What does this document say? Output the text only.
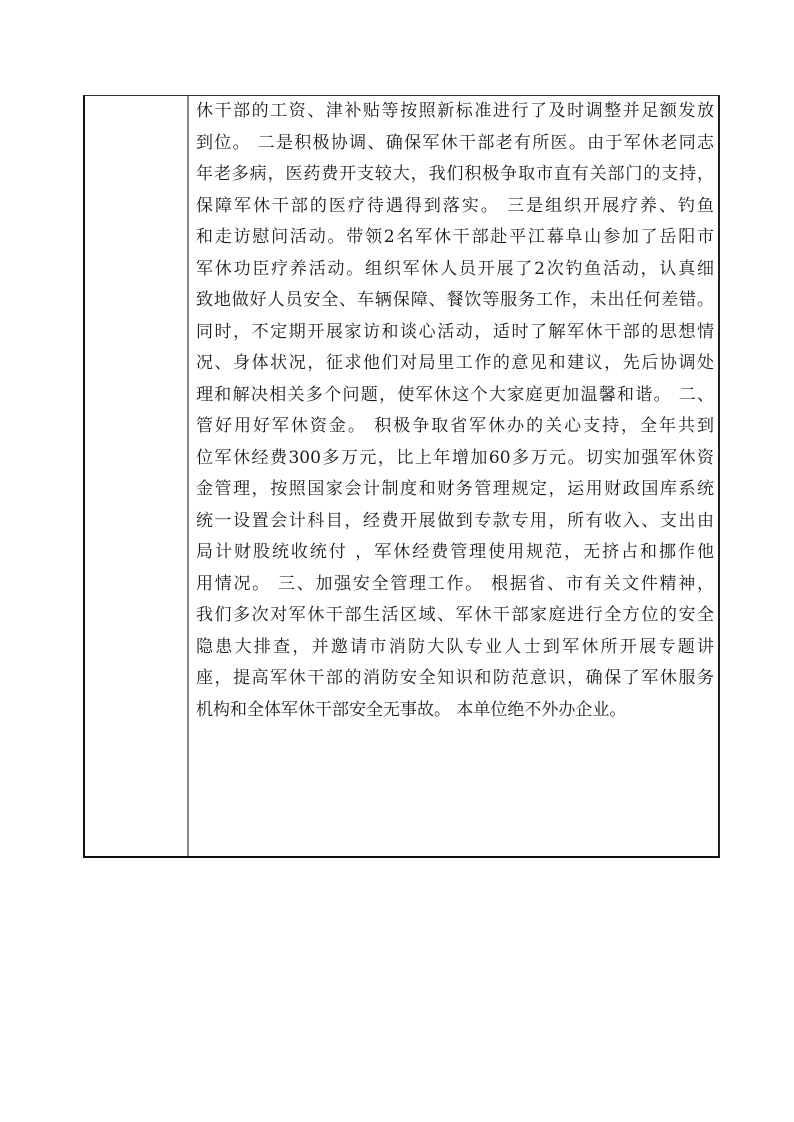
休干部的工资、津补贴等按照新标准进行了及时调整并足额发放
到位。 二是积极协调、确保军休干部老有所医。由于军休老同志
年老多病，医药费开支较大，我们积极争取市直有关部门的支持，
保障军休干部的医疗待遇得到落实。 三是组织开展疗养、钓鱼
和走访慰问活动。带领2名军休干部赴平江幕阜山参加了岳阳市
军休功臣疗养活动。组织军休人员开展了2次钓鱼活动，认真细
致地做好人员安全、车辆保障、餐饮等服务工作，未出任何差错。
同时，不定期开展家访和谈心活动，适时了解军休干部的思想情
况、身体状况，征求他们对局里工作的意见和建议，先后协调处
理和解决相关多个问题，使军休这个大家庭更加温馨和谐。 二、
管好用好军休资金。 积极争取省军休办的关心支持，全年共到
位军休经费300多万元，比上年增加60多万元。切实加强军休资
金管理，按照国家会计制度和财务管理规定，运用财政国库系统
统一设置会计科目，经费开展做到专款专用，所有收入、支出由
局计财股统收统付 ，军休经费管理使用规范，无挤占和挪作他
用情况。 三、加强安全管理工作。 根据省、市有关文件精神，
我们多次对军休干部生活区域、军休干部家庭进行全方位的安全
隐患大排查，并邀请市消防大队专业人士到军休所开展专题讲
座，提高军休干部的消防安全知识和防范意识，确保了军休服务
机构和全体军休干部安全无事故。 本单位绝不外办企业。
